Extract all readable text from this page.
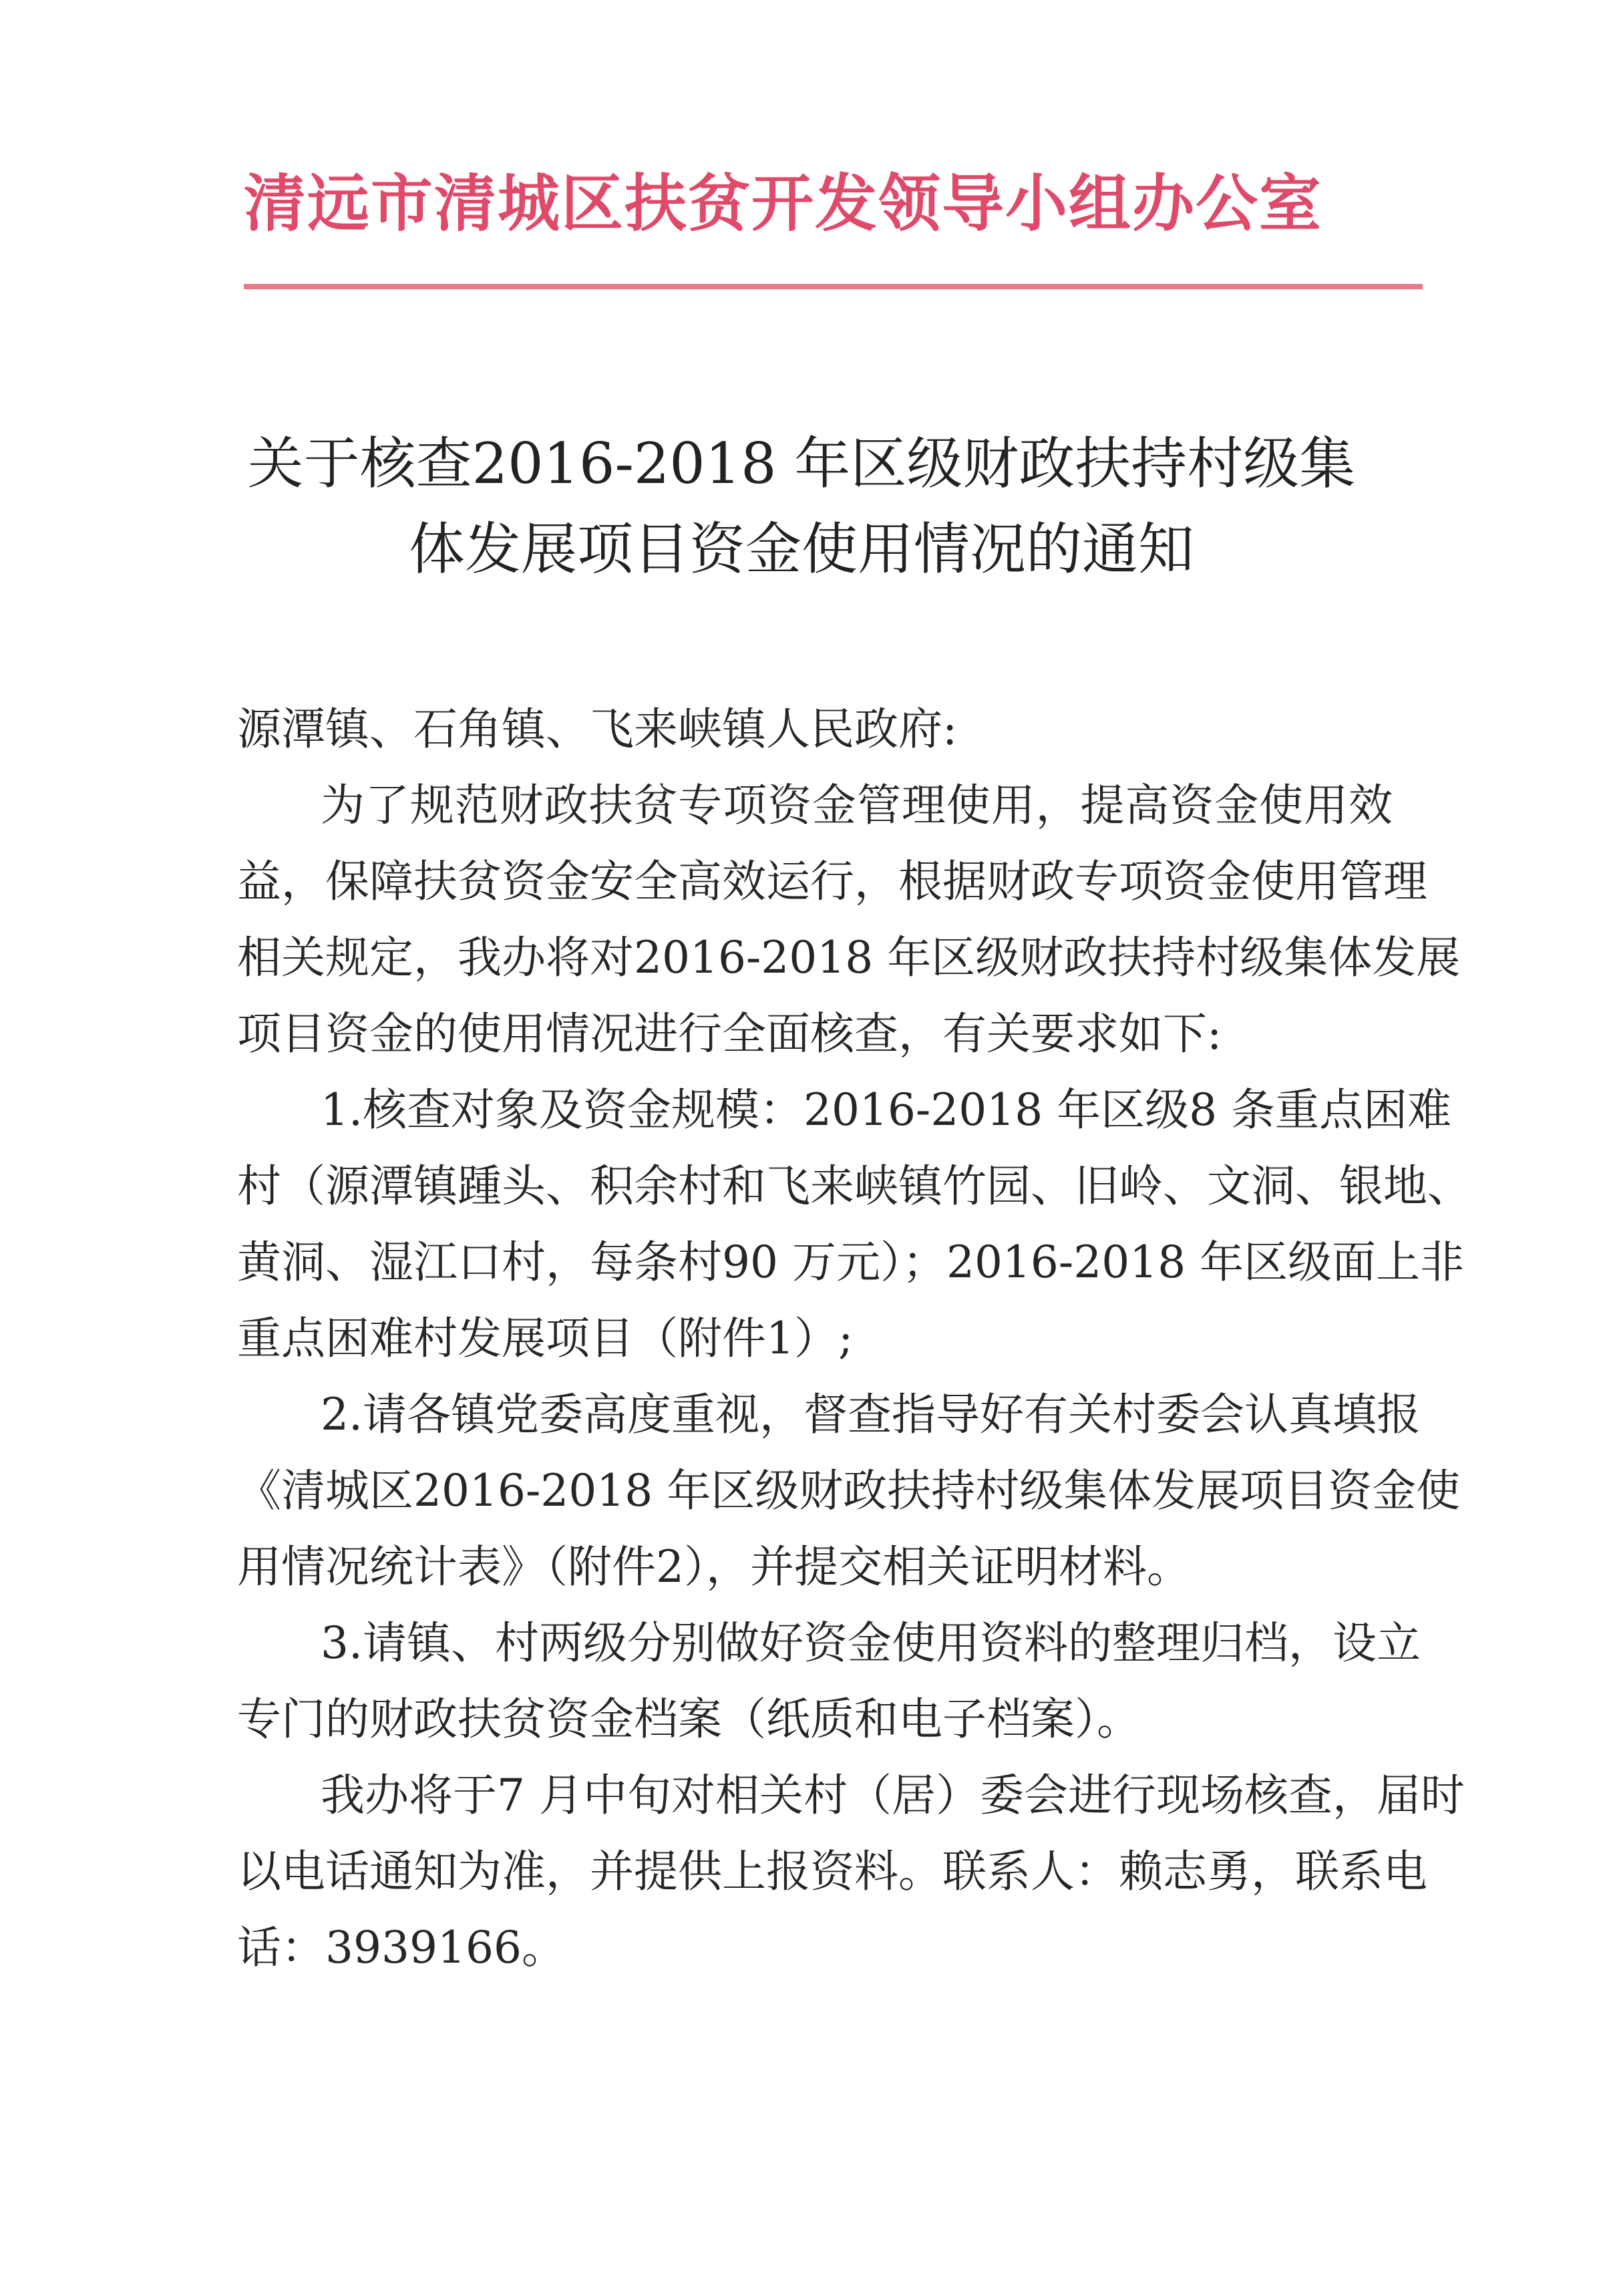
清远市清城区扶贫开发领导小组办公室
关于核查2016-2018 年区级财政扶持村级集
体发展项目资金使用情况的通知
源潭镇、石角镇、飞来峡镇人民政府:
为了规范财政扶贫专项资金管理使用，提高资金使用效
益，保障扶贫资金安全高效运行，根据财政专项资金使用管理
相关规定，我办将对2016-2018 年区级财政扶持村级集体发展
项目资金的使用情况进行全面核查，有关要求如下:
1.核查对象及资金规模：2016-2018 年区级8 条重点困难
村（源潭镇踵头、积余村和飞来峡镇竹园、旧岭、文洞、银地、
黄洞、湿江口村，每条村90 万元）；2016-2018 年区级面上非
重点困难村发展项目（附件1）;
2.请各镇党委高度重视，督查指导好有关村委会认真填报
《清城区2016-2018 年区级财政扶持村级集体发展项目资金使
用情况统计表》（附件2），并提交相关证明材料。
3.请镇、村两级分别做好资金使用资料的整理归档，设立
专门的财政扶贫资金档案（纸质和电子档案）。
我办将于7 月中旬对相关村（居）委会进行现场核查，届时
以电话通知为准，并提供上报资料。联系人：赖志勇，联系电
话：3939166。
